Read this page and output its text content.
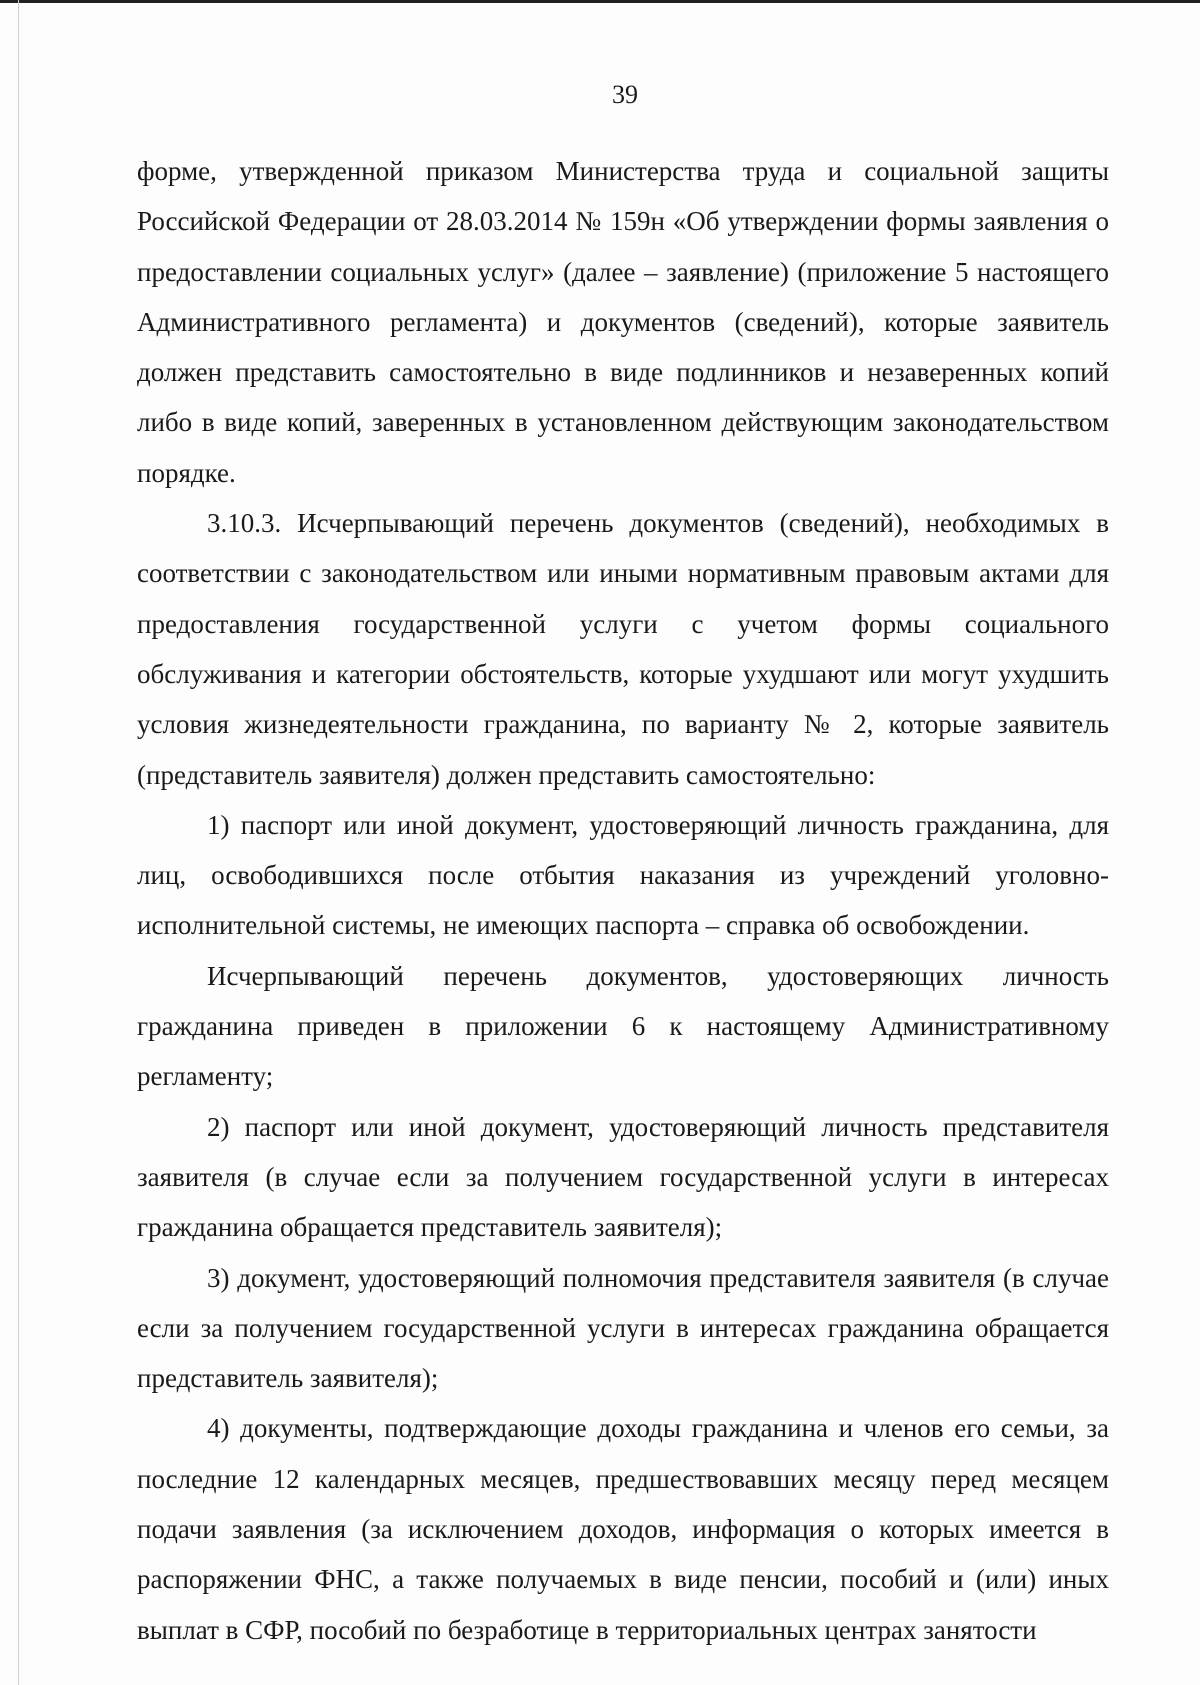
39

форме, утвержденной приказом Министерства труда и социальной защиты Российской Федерации от 28.03.2014 № 159н «Об утверждении формы заявления о предоставлении социальных услуг» (далее – заявление) (приложение 5 настоящего Административного регламента) и документов (сведений), которые заявитель должен представить самостоятельно в виде подлинников и незаверенных копий либо в виде копий, заверенных в установленном действующим законодательством порядке.

3.10.3. Исчерпывающий перечень документов (сведений), необходимых в соответствии с законодательством или иными нормативным правовым актами для предоставления государственной услуги с учетом формы социального обслуживания и категории обстоятельств, которые ухудшают или могут ухудшить условия жизнедеятельности гражданина, по варианту № 2, которые заявитель (представитель заявителя) должен представить самостоятельно:

1) паспорт или иной документ, удостоверяющий личность гражданина, для лиц, освободившихся после отбытия наказания из учреждений уголовно-исполнительной системы, не имеющих паспорта – справка об освобождении.

Исчерпывающий перечень документов, удостоверяющих личность гражданина приведен в приложении 6 к настоящему Административному регламенту;

2) паспорт или иной документ, удостоверяющий личность представителя заявителя (в случае если за получением государственной услуги в интересах гражданина обращается представитель заявителя);

3) документ, удостоверяющий полномочия представителя заявителя (в случае если за получением государственной услуги в интересах гражданина обращается представитель заявителя);

4) документы, подтверждающие доходы гражданина и членов его семьи, за последние 12 календарных месяцев, предшествовавших месяцу перед месяцем подачи заявления (за исключением доходов, информация о которых имеется в распоряжении ФНС, а также получаемых в виде пенсии, пособий и (или) иных выплат в СФР, пособий по безработице в территориальных центрах занятости
